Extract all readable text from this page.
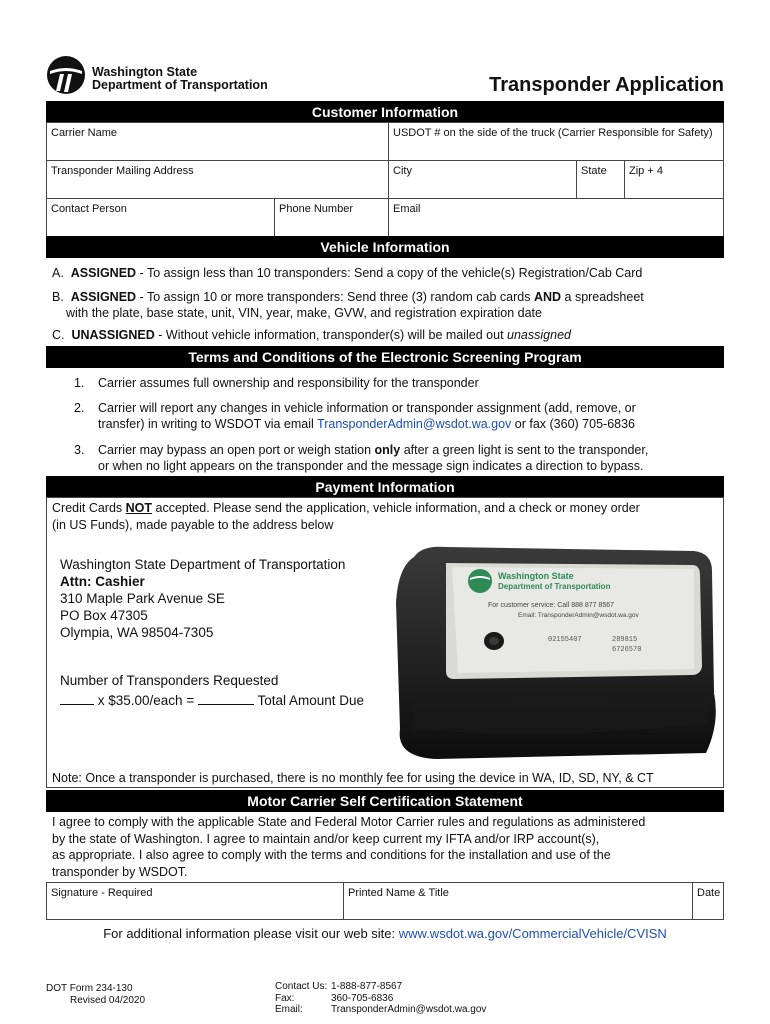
Washington State
Department of Transportation	Transponder Application
Customer Information
Carrier Name		USDOT # on the side of the truck (Carrier Responsible for Safety)		
Transponder Mailing Address		City	State	Zip + 4
Contact Person	Phone Number	Email		
Vehicle Information
A. ASSIGNED - To assign less than 10 transponders: Send a copy of the vehicle(s) Registration/Cab Card
B. ASSIGNED - To assign 10 or more transponders: Send three (3) random cab cards AND a spreadsheet
with the plate, base state, unit, VIN, year, make, GVW, and registration expiration date
C. UNASSIGNED - Without vehicle information, transponder(s) will be mailed out unassigned
Terms and Conditions of the Electronic Screening Program
1. Carrier assumes full ownership and responsibility for the transponder
2. Carrier will report any changes in vehicle information or transponder assignment (add, remove, or
transfer) in writing to WSDOT via email TransponderAdmin@wsdot.wa.gov or fax (360) 705-6836
3. Carrier may bypass an open port or weigh station only after a green light is sent to the transponder,
or when no light appears on the transponder and the message sign indicates a direction to bypass.
Payment Information
Credit Cards NOT accepted. Please send the application, vehicle information, and a check or money order
(in US Funds), made payable to the address below
Washington State Department of Transportation
Attn: Cashier
310 Maple Park Avenue SE
PO Box 47305
Olympia, WA 98504-7305
Number of Transponders Requested
x $35.00/each =	Total Amount Due
Washington State
Department of Transportation
For customer service: Call 888 877 8567
Email: TransponderAdmin@wsdot.wa.gov
02155407	289815
6726570
Note: Once a transponder is purchased, there is no monthly fee for using the device in WA, ID, SD, NY, & CT
Motor Carrier Self Certification Statement
I agree to comply with the applicable State and Federal Motor Carrier rules and regulations as administered
by the state of Washington. I agree to maintain and/or keep current my IFTA and/or IRP account(s),
as appropriate. I also agree to comply with the terms and conditions for the installation and use of the
transponder by WSDOT.
Signature - Required	Printed Name & Title	Date
For additional information please visit our web site: www.wsdot.wa.gov/CommercialVehicle/CVISN
DOT Form 234-130
Revised 04/2020
Contact Us: 1-888-877-8567
Fax:	360-705-6836
Email:	TransponderAdmin@wsdot.wa.gov
